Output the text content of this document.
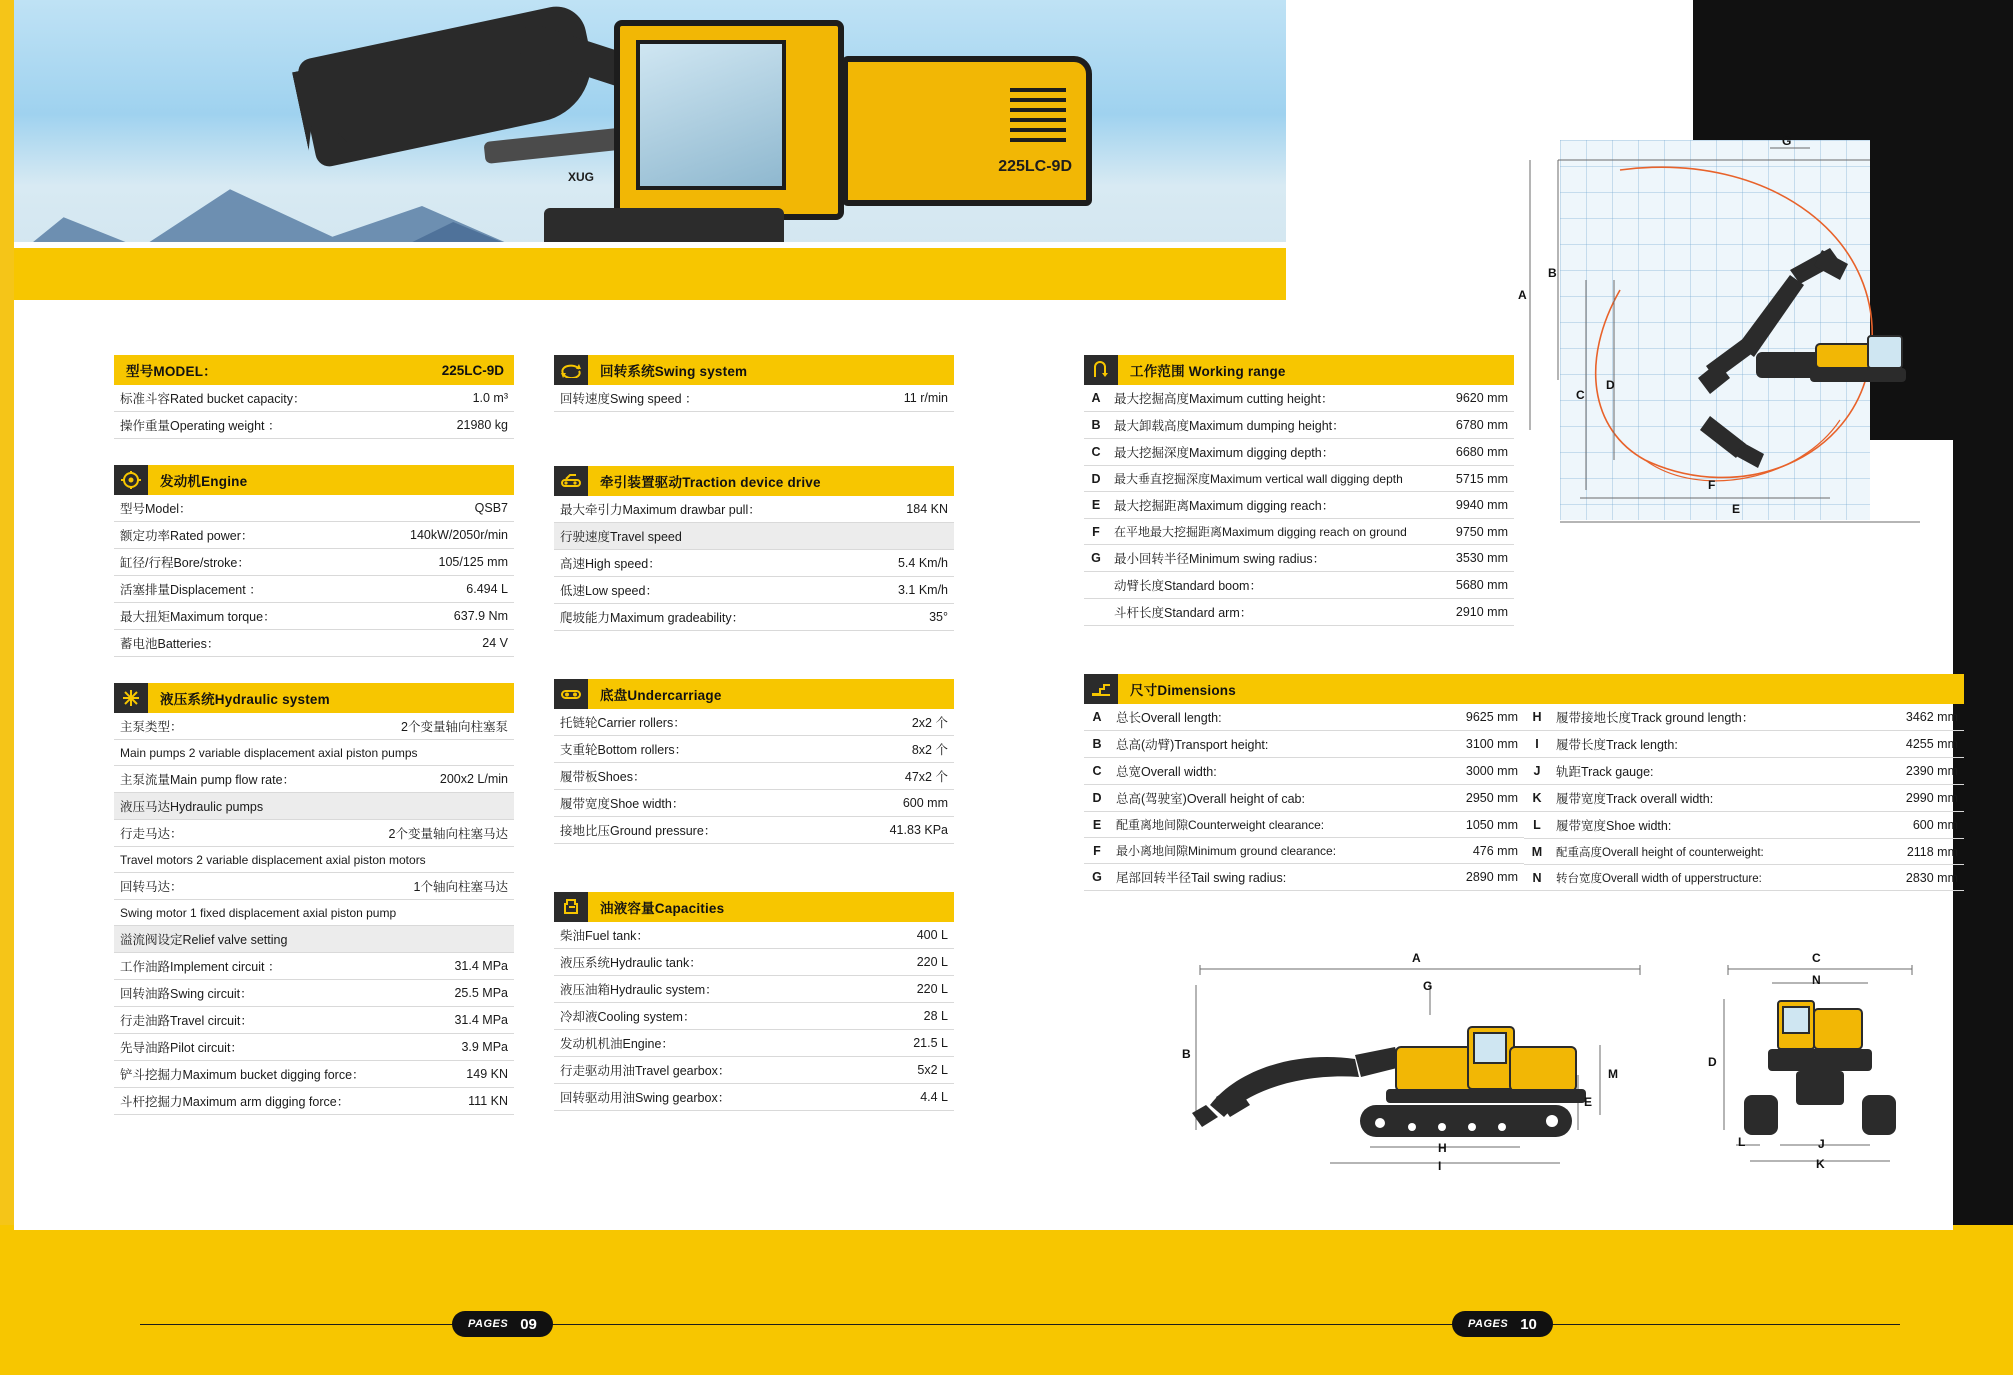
225LC-9D
XUG
型号MODEL：	225LC-9D
标准斗容Rated bucket capacity：	1.0 m³
操作重量Operating weight ：	21980 kg
发动机Engine
型号Model：	QSB7
额定功率Rated power：	140kW/2050r/min
缸径/行程Bore/stroke：	105/125 mm
活塞排量Displacement ：	6.494 L
最大扭矩Maximum torque：	637.9 Nm
蓄电池Batteries：	24 V
液压系统Hydraulic system
主泵类型：	2个变量轴向柱塞泵
Main pumps 2 variable displacement axial piston pumps	
主泵流量Main pump flow rate：	200x2 L/min
液压马达Hydraulic pumps	
行走马达：	2个变量轴向柱塞马达
Travel motors 2 variable displacement axial piston motors	
回转马达：	1个轴向柱塞马达
Swing motor 1 fixed displacement axial piston pump	
溢流阀设定Relief valve setting	
工作油路Implement circuit ：	31.4 MPa
回转油路Swing circuit：	25.5 MPa
行走油路Travel circuit：	31.4 MPa
先导油路Pilot circuit：	3.9 MPa
铲斗挖掘力Maximum bucket digging force：	149 KN
斗杆挖掘力Maximum arm digging force：	111 KN
回转系统Swing system
回转速度Swing speed ：	11 r/min
牵引装置驱动Traction device drive
最大牵引力Maximum drawbar pull：	184 KN
行驶速度Travel speed	
高速High speed：	5.4 Km/h
低速Low speed：	3.1 Km/h
爬坡能力Maximum gradeability：	35°
底盘Undercarriage
托链轮Carrier rollers：	2x2 个
支重轮Bottom rollers：	8x2 个
履带板Shoes：	47x2 个
履带宽度Shoe width：	600 mm
接地比压Ground pressure：	41.83 KPa
油液容量Capacities
柴油Fuel tank：	400 L
液压系统Hydraulic tank：	220 L
液压油箱Hydraulic system：	220 L
冷却液Cooling system：	28 L
发动机机油Engine：	21.5 L
行走驱动用油Travel gearbox：	5x2 L
回转驱动用油Swing gearbox：	4.4 L
工作范围 Working range
A	最大挖掘高度Maximum cutting height：	9620 mm
B	最大卸载高度Maximum dumping height：	6780 mm
C	最大挖掘深度Maximum digging depth：	6680 mm
D	最大垂直挖掘深度Maximum vertical wall digging depth	5715 mm
E	最大挖掘距离Maximum digging reach：	9940 mm
F	在平地最大挖掘距离Maximum digging reach on ground	9750 mm
G	最小回转半径Minimum swing radius：	3530 mm
	动臂长度Standard boom：	5680 mm
	斗杆长度Standard arm：	2910 mm
尺寸Dimensions
A	总长Overall length:	9625 mm
B	总高(动臂)Transport height:	3100 mm
C	总宽Overall width:	3000 mm
D	总高(驾驶室)Overall height of cab:	2950 mm
E	配重离地间隙Counterweight clearance:	1050 mm
F	最小离地间隙Minimum ground clearance:	476 mm
G	尾部回转半径Tail swing radius:	2890 mm
H	履带接地长度Track ground length：	3462 mm
I	履带长度Track length:	4255 mm
J	轨距Track gauge:	2390 mm
K	履带宽度Track overall width:	2990 mm
L	履带宽度Shoe width:	600 mm
M	配重高度Overall height of counterweight:	2118 mm
N	转台宽度Overall width of upperstructure:	2830 mm
A
B
C
D
E
F
G
A
B
G
M
E
H
I
C
N
D
L	J
K
PAGES 09	PAGES 10
